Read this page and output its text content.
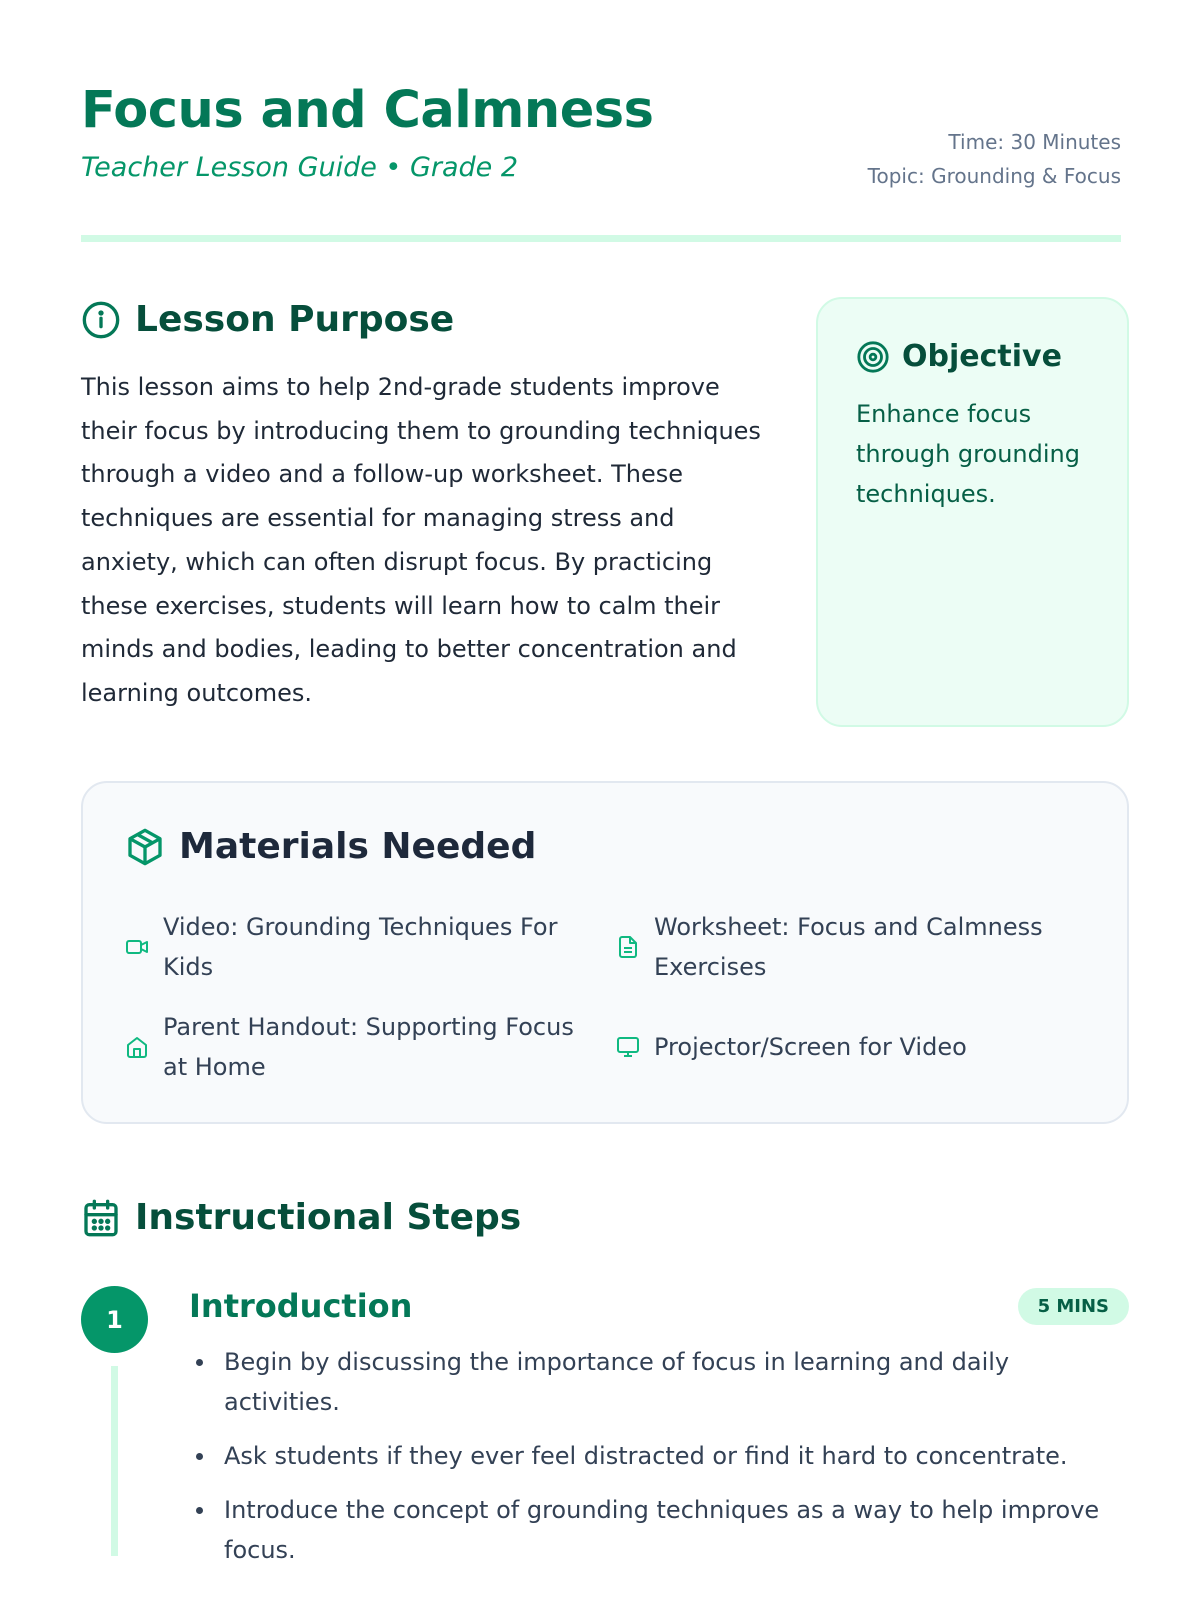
Focus and Calmness
Teacher Lesson Guide • Grade 2
Time: 30 Minutes
Topic: Grounding & Focus
Lesson Purpose

This lesson aims to help 2nd-grade students improve their focus by introducing them to grounding techniques through a video and a follow-up worksheet. These techniques are essential for managing stress and anxiety, which can often disrupt focus. By practicing these exercises, students will learn how to calm their minds and bodies, leading to better concentration and learning outcomes.

Objective

Enhance focus through grounding techniques.

Materials Needed
Video: Grounding Techniques For Kids
Worksheet: Focus and Calmness Exercises
Parent Handout: Supporting Focus at Home
Projector/Screen for Video
Instructional Steps
1	Introduction	5 MINS
Begin by discussing the importance of focus in learning and daily activities.
Ask students if they ever feel distracted or find it hard to concentrate.
Introduce the concept of grounding techniques as a way to help improve focus.
